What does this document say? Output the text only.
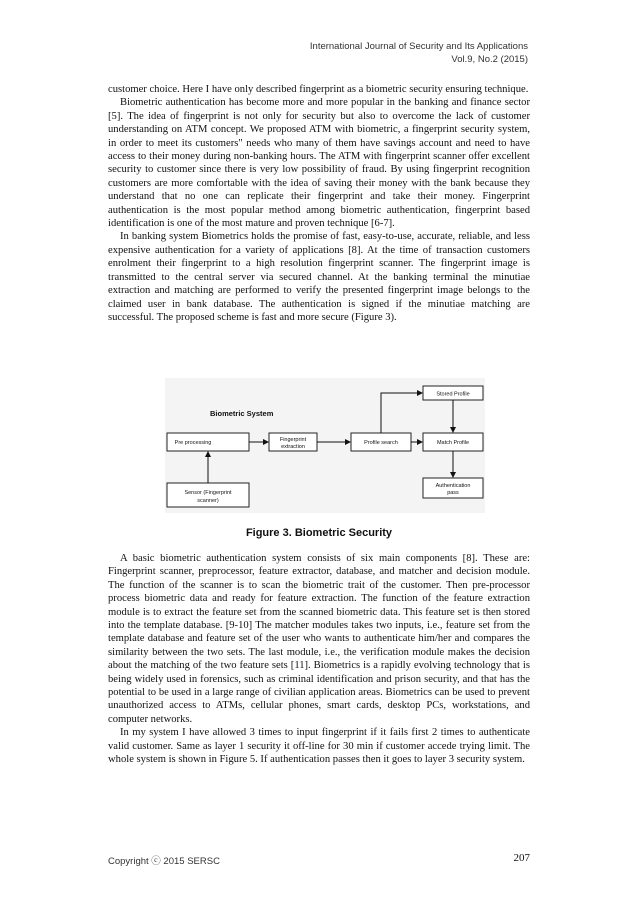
International Journal of Security and Its Applications
Vol.9, No.2 (2015)

customer choice. Here I have only described fingerprint as a biometric security ensuring technique.

Biometric authentication has become more and more popular in the banking and finance sector [5]. The idea of fingerprint is not only for security but also to overcome the lack of customer understanding on ATM concept. We proposed ATM with biometric, a fingerprint security system, in order to meet its customers" needs who many of them have savings account and need to have access to their money during non-banking hours. The ATM with fingerprint scanner offer excellent security to customer since there is very low possibility of fraud. By using fingerprint recognition customers are more comfortable with the idea of saving their money with the bank because they understand that no one can replicate their fingerprint and take their money. Fingerprint authentication is the most popular method among biometric authentication, fingerprint based identification is one of the most mature and proven technique [6-7].

In banking system Biometrics holds the promise of fast, easy-to-use, accurate, reliable, and less expensive authentication for a variety of applications [8]. At the time of transaction customers enrolment their fingerprint to a high resolution fingerprint scanner. The fingerprint image is transmitted to the central server via secured channel. At the banking terminal the minutiae extraction and matching are performed to verify the presented fingerprint image belongs to the claimed user in bank database. The authentication is signed if the minutiae matching are successful. The proposed scheme is fast and more secure (Figure 3).

Biometric System
Stored Profile
Pre processing	Fingerprint
extraction
Profile search	Match Profile
Sensor (Fingerprint
scanner)
Authentication
pass
Figure 3. Biometric Security

A basic biometric authentication system consists of six main components [8]. These are: Fingerprint scanner, preprocessor, feature extractor, database, and matcher and decision module. The function of the scanner is to scan the biometric trait of the customer. Then pre-processor process biometric data and ready for feature extraction. The function of the feature extraction module is to extract the feature set from the scanned biometric data. This feature set is then stored into the template database. [9-10] The matcher modules takes two inputs, i.e., feature set from the template database and feature set of the user who wants to authenticate him/her and compares the similarity between the two sets. The last module, i.e., the verification module makes the decision about the matching of the two feature sets [11]. Biometrics is a rapidly evolving technology that is being widely used in forensics, such as criminal identification and prison security, and that has the potential to be used in a large range of civilian application areas. Biometrics can be used to prevent unauthorized access to ATMs, cellular phones, smart cards, desktop PCs, workstations, and computer networks.

In my system I have allowed 3 times to input fingerprint if it fails first 2 times to authenticate valid customer. Same as layer 1 security it off-line for 30 min if customer accede trying limit. The whole system is shown in Figure 5. If authentication passes then it goes to layer 3 security system.

Copyright ⓒ 2015 SERSC	207
